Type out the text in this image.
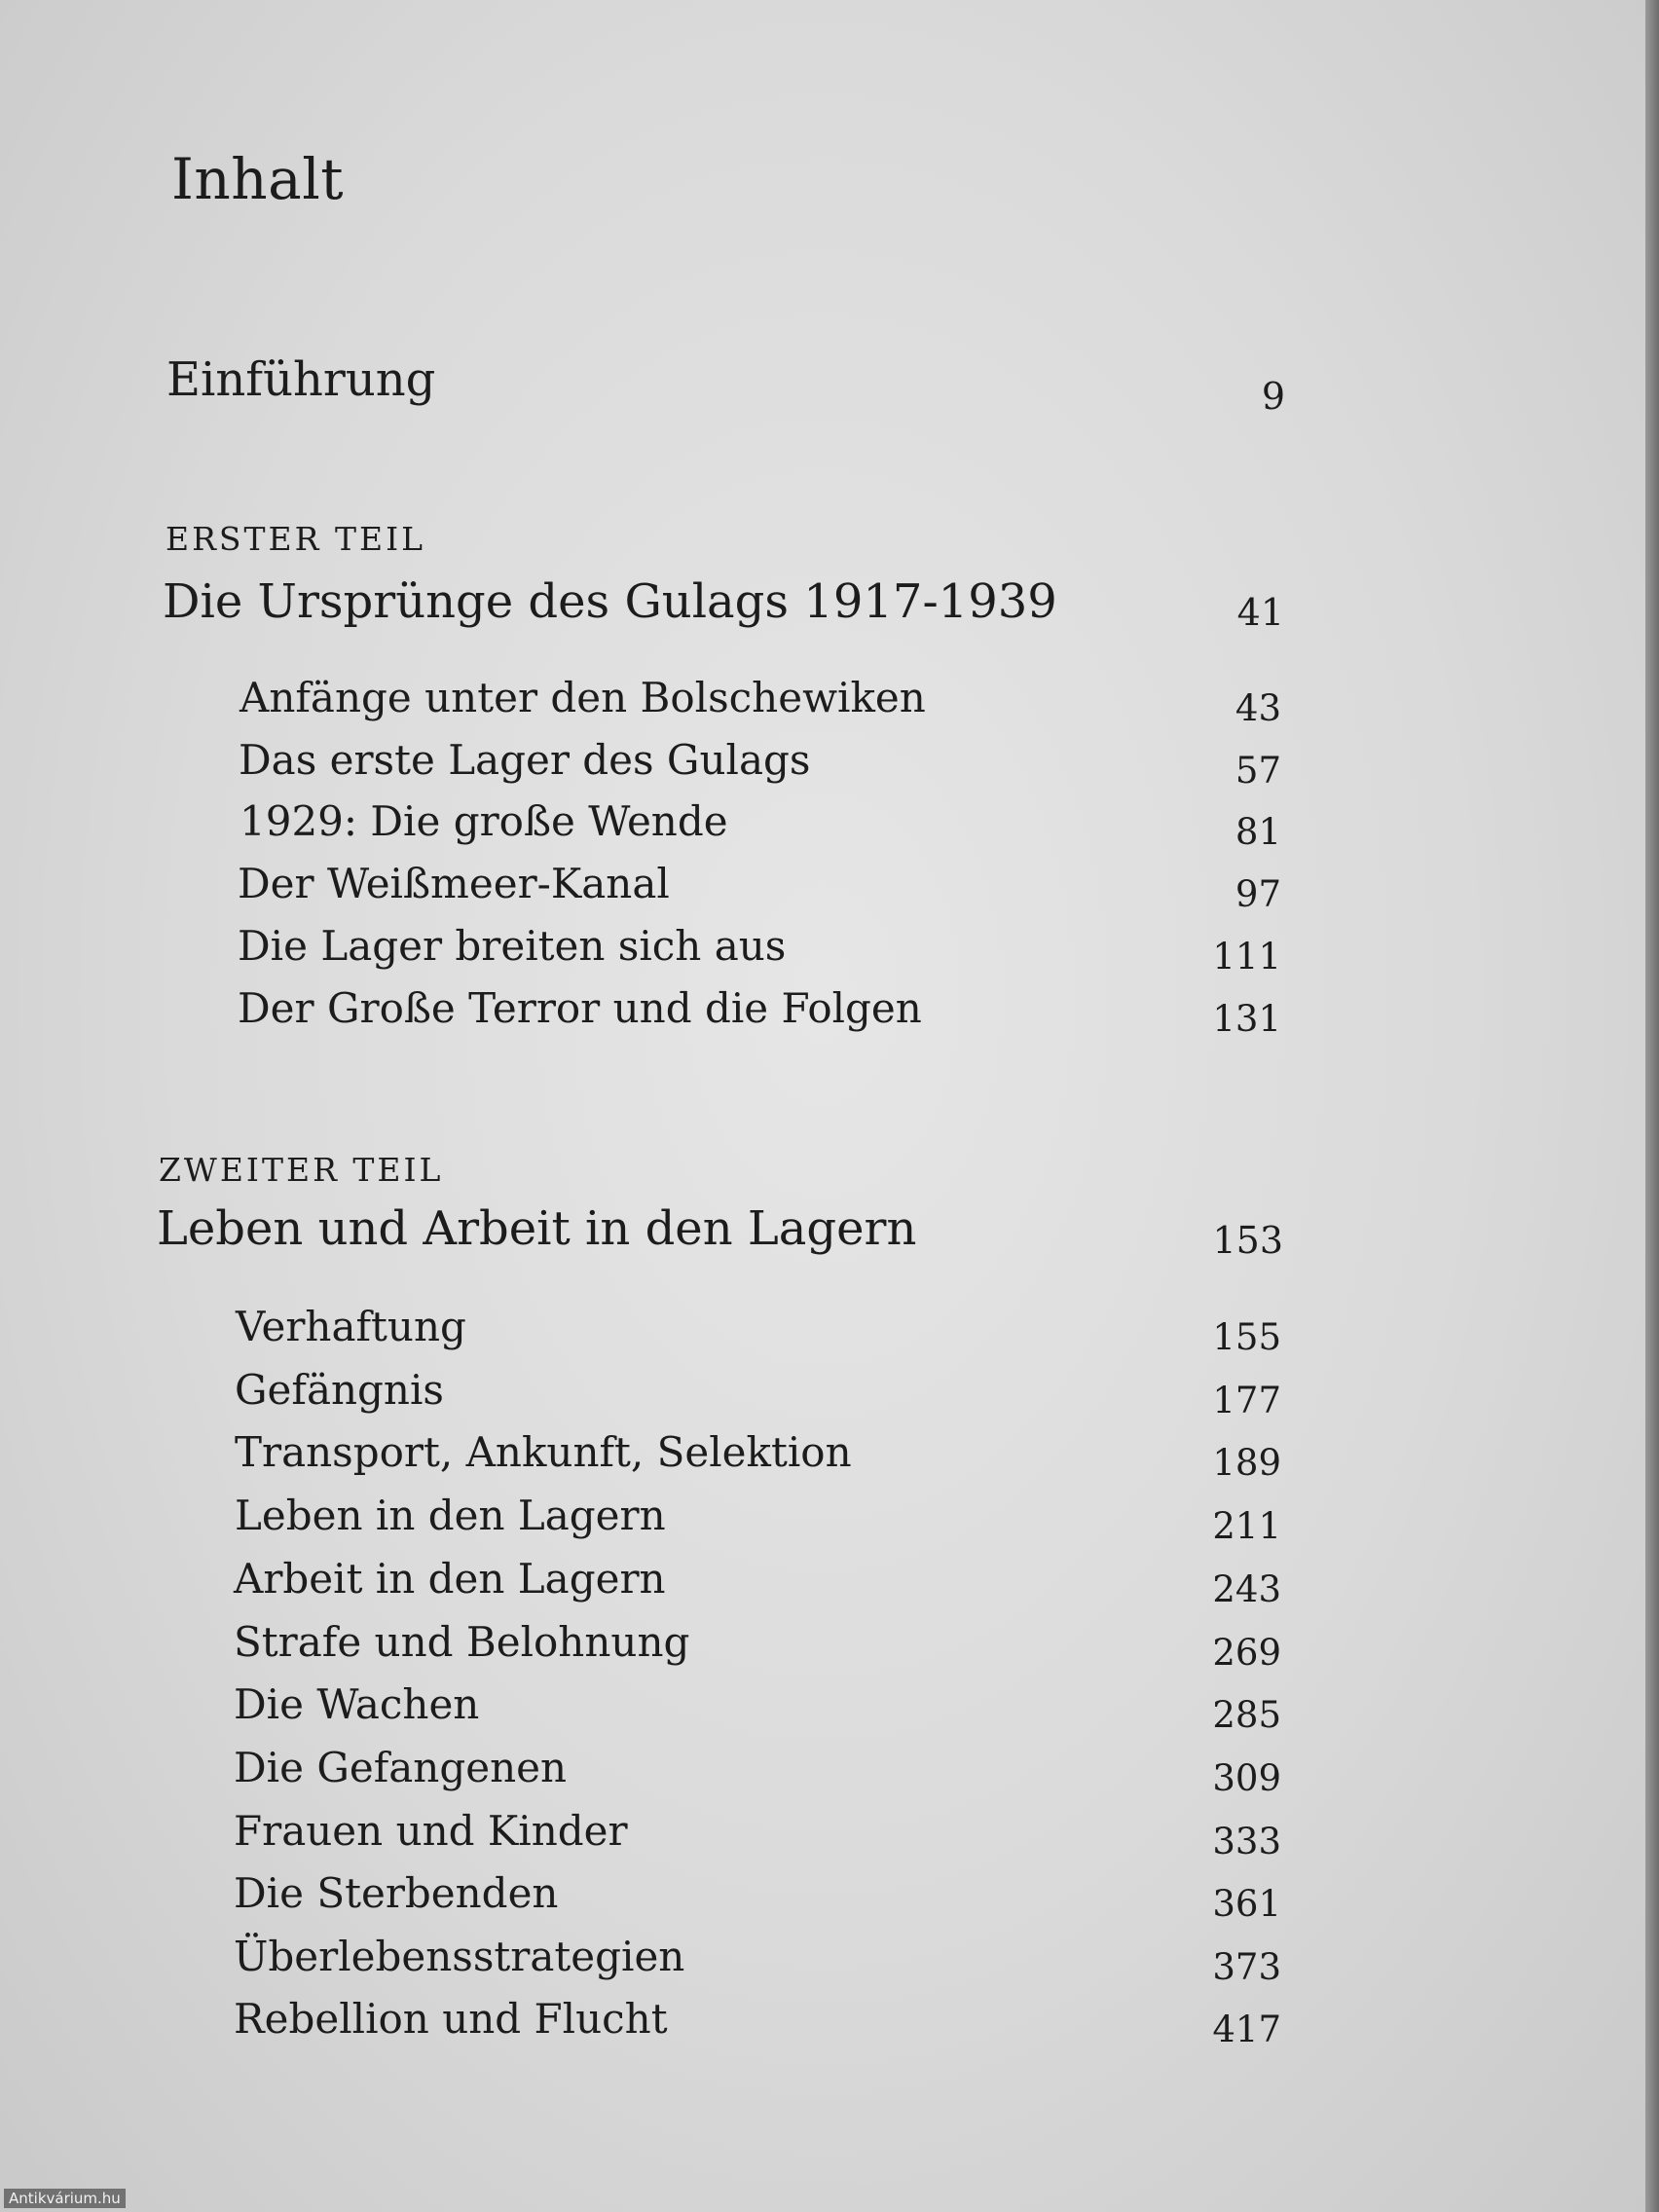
Inhalt
Einführung	9
ERSTER TEIL
Die Ursprünge des Gulags 1917-1939	41
Anfänge unter den Bolschewiken	43
Das erste Lager des Gulags	57
1929: Die große Wende	81
Der Weißmeer-Kanal	97
Die Lager breiten sich aus	111
Der Große Terror und die Folgen	131
ZWEITER TEIL
Leben und Arbeit in den Lagern	153
Verhaftung	155
Gefängnis	177
Transport, Ankunft, Selektion	189
Leben in den Lagern	211
Arbeit in den Lagern	243
Strafe und Belohnung	269
Die Wachen	285
Die Gefangenen	309
Frauen und Kinder	333
Die Sterbenden	361
Überlebensstrategien	373
Rebellion und Flucht	417
Antikvárium.hu
